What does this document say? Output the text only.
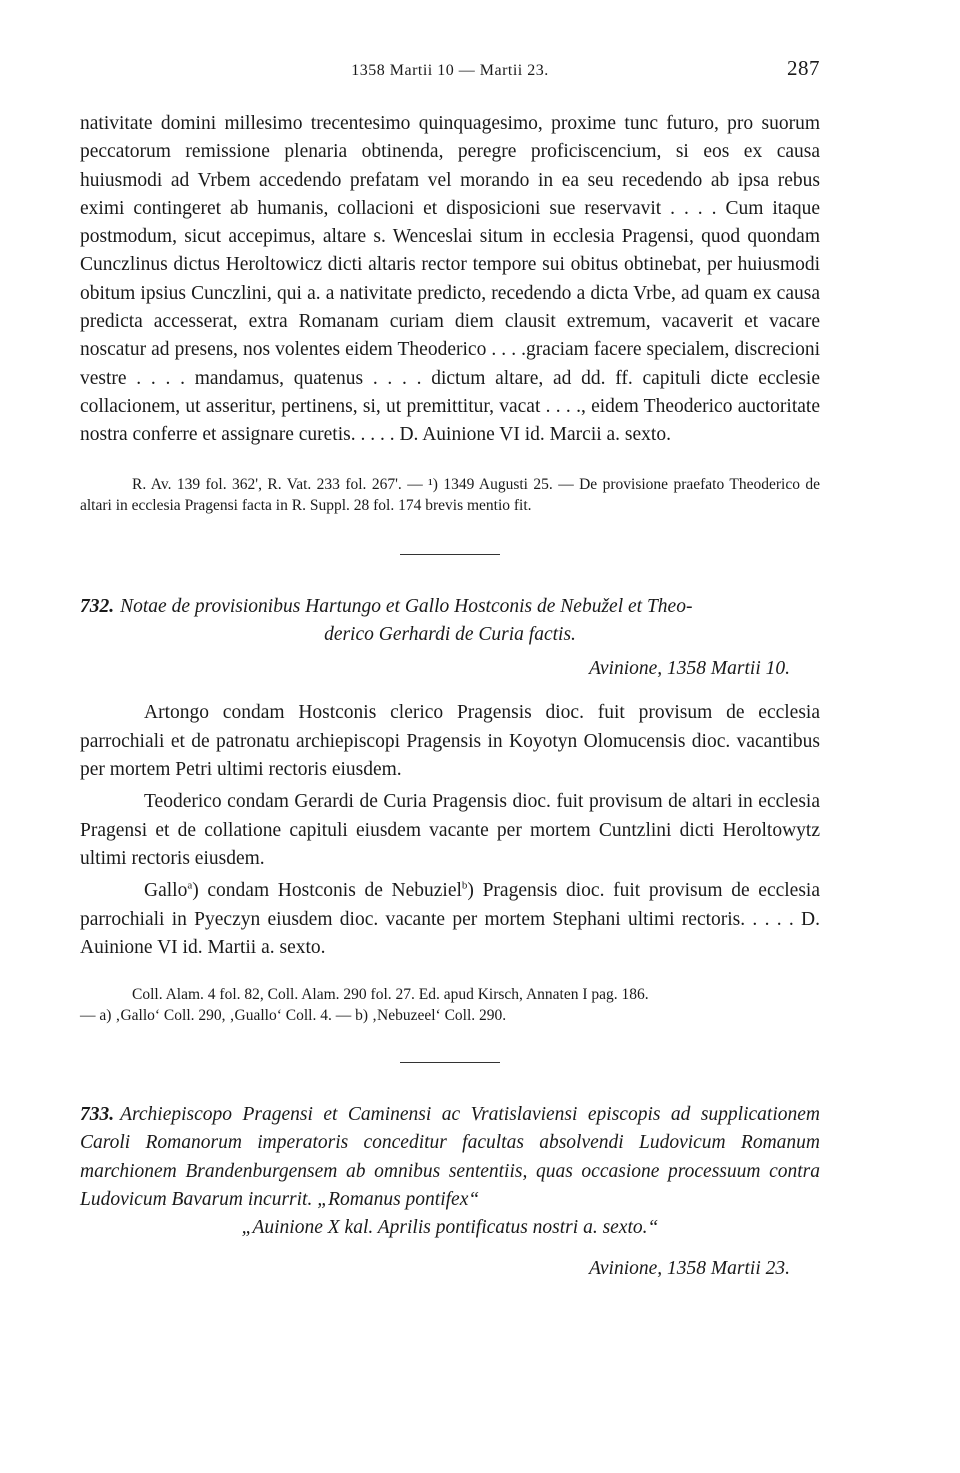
1358 Martii 10 — Martii 23.	287

nativitate domini millesimo trecentesimo quinquagesimo, proxime tunc futuro, pro suorum peccatorum remissione plenaria obtinenda, peregre proficiscencium, si eos ex causa huiusmodi ad Vrbem accedendo prefatam vel morando in ea seu recedendo ab ipsa rebus eximi contingeret ab humanis, collacioni et disposicioni sue reservavit . . . . Cum itaque postmodum, sicut accepimus, altare s. Wenceslai situm in ecclesia Pragensi, quod quondam Cunczlinus dictus Heroltowicz dicti altaris rector tempore sui obitus obtinebat, per huiusmodi obitum ipsius Cunczlini, qui a. a nativitate predicto, recedendo a dicta Vrbe, ad quam ex causa predicta accesserat, extra Romanam curiam diem clausit extremum, vacaverit et vacare noscatur ad presens, nos volentes eidem Theoderico . . . .graciam facere specialem, discrecioni vestre . . . . mandamus, quatenus . . . . dictum altare, ad dd. ff. capituli dicte ecclesie collacionem, ut asseritur, pertinens, si, ut premittitur, vacat . . . ., eidem Theoderico auctoritate nostra conferre et assignare curetis. . . . . D. Auinione VI id. Marcii a. sexto.

R. Av. 139 fol. 362', R. Vat. 233 fol. 267'. — ¹) 1349 Augusti 25. — De provisione praefato Theoderico de altari in ecclesia Pragensi facta in R. Suppl. 28 fol. 174 brevis mentio fit.

732. Notae de provisionibus Hartungo et Gallo Hostconis de Nebužel et Theo-
derico Gerhardi de Curia factis.
Avinione, 1358 Martii 10.

Artongo condam Hostconis clerico Pragensis dioc. fuit provisum de ecclesia parrochiali et de patronatu archiepiscopi Pragensis in Koyotyn Olomucensis dioc. vacantibus per mortem Petri ultimi rectoris eiusdem.

Teoderico condam Gerardi de Curia Pragensis dioc. fuit provisum de altari in ecclesia Pragensi et de collatione capituli eiusdem vacante per mortem Cuntzlini dicti Heroltowytz ultimi rectoris eiusdem.

Gallo$^a$) condam Hostconis de Nebuziel$^b$) Pragensis dioc. fuit provisum de ecclesia parrochiali in Pyeczyn eiusdem dioc. vacante per mortem Stephani ultimi rectoris. . . . . D. Auinione VI id. Martii a. sexto.

Coll. Alam. 4 fol. 82, Coll. Alam. 290 fol. 27. Ed. apud Kirsch, Annaten I pag. 186.

— a) ‚Gallo‘ Coll. 290, ‚Guallo‘ Coll. 4. — b) ‚Nebuzeel‘ Coll. 290.

733. Archiepiscopo Pragensi et Caminensi ac Vratislaviensi episcopis ad supplicationem Caroli Romanorum imperatoris conceditur facultas absolvendi Ludovicum Romanum marchionem Brandenburgensem ab omnibus sententiis, quas occasione processuum contra Ludovicum Bavarum incurrit. „Romanus pontifex“
„Auinione X kal. Aprilis pontificatus nostri a. sexto.“
Avinione, 1358 Martii 23.
